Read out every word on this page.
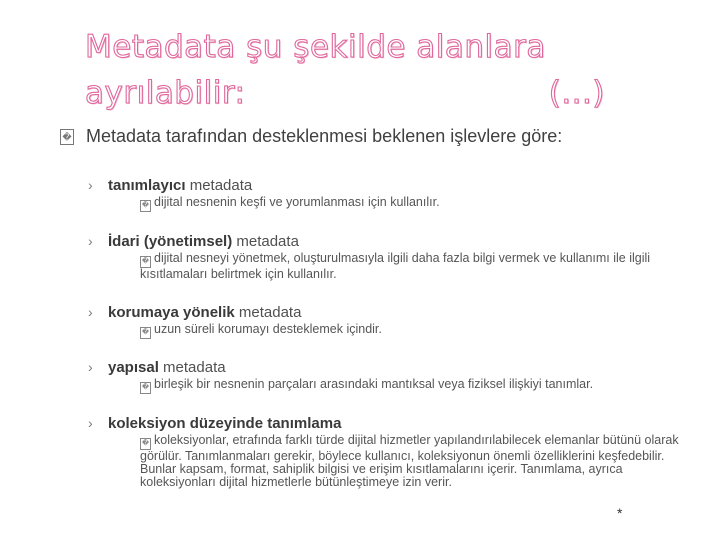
Metadata şu şekilde alanlara
ayrılabilir:	(...)
� Metadata tarafından desteklenmesi beklenen işlevlere göre:
› tanımlayıcı metadata
� dijital nesnenin keşfi ve yorumlanması için kullanılır.
› İdari (yönetimsel) metadata
� dijital nesneyi yönetmek, oluşturulmasıyla ilgili daha fazla bilgi vermek ve kullanımı ile ilgili kısıtlamaları belirtmek için kullanılır.
› korumaya yönelik metadata
� uzun süreli korumayı desteklemek içindir.
› yapısal metadata
� birleşik bir nesnenin parçaları arasındaki mantıksal veya fiziksel ilişkiyi tanımlar.
› koleksiyon düzeyinde tanımlama
� koleksiyonlar, etrafında farklı türde dijital hizmetler yapılandırılabilecek elemanlar bütünü olarak görülür. Tanımlanmaları gerekir, böylece kullanıcı, koleksiyonun önemli özelliklerini keşfedebilir. Bunlar kapsam, format, sahiplik bilgisi ve erişim kısıtlamalarını içerir. Tanımlama, ayrıca koleksiyonları dijital hizmetlerle bütünleştimeye izin verir.
*
